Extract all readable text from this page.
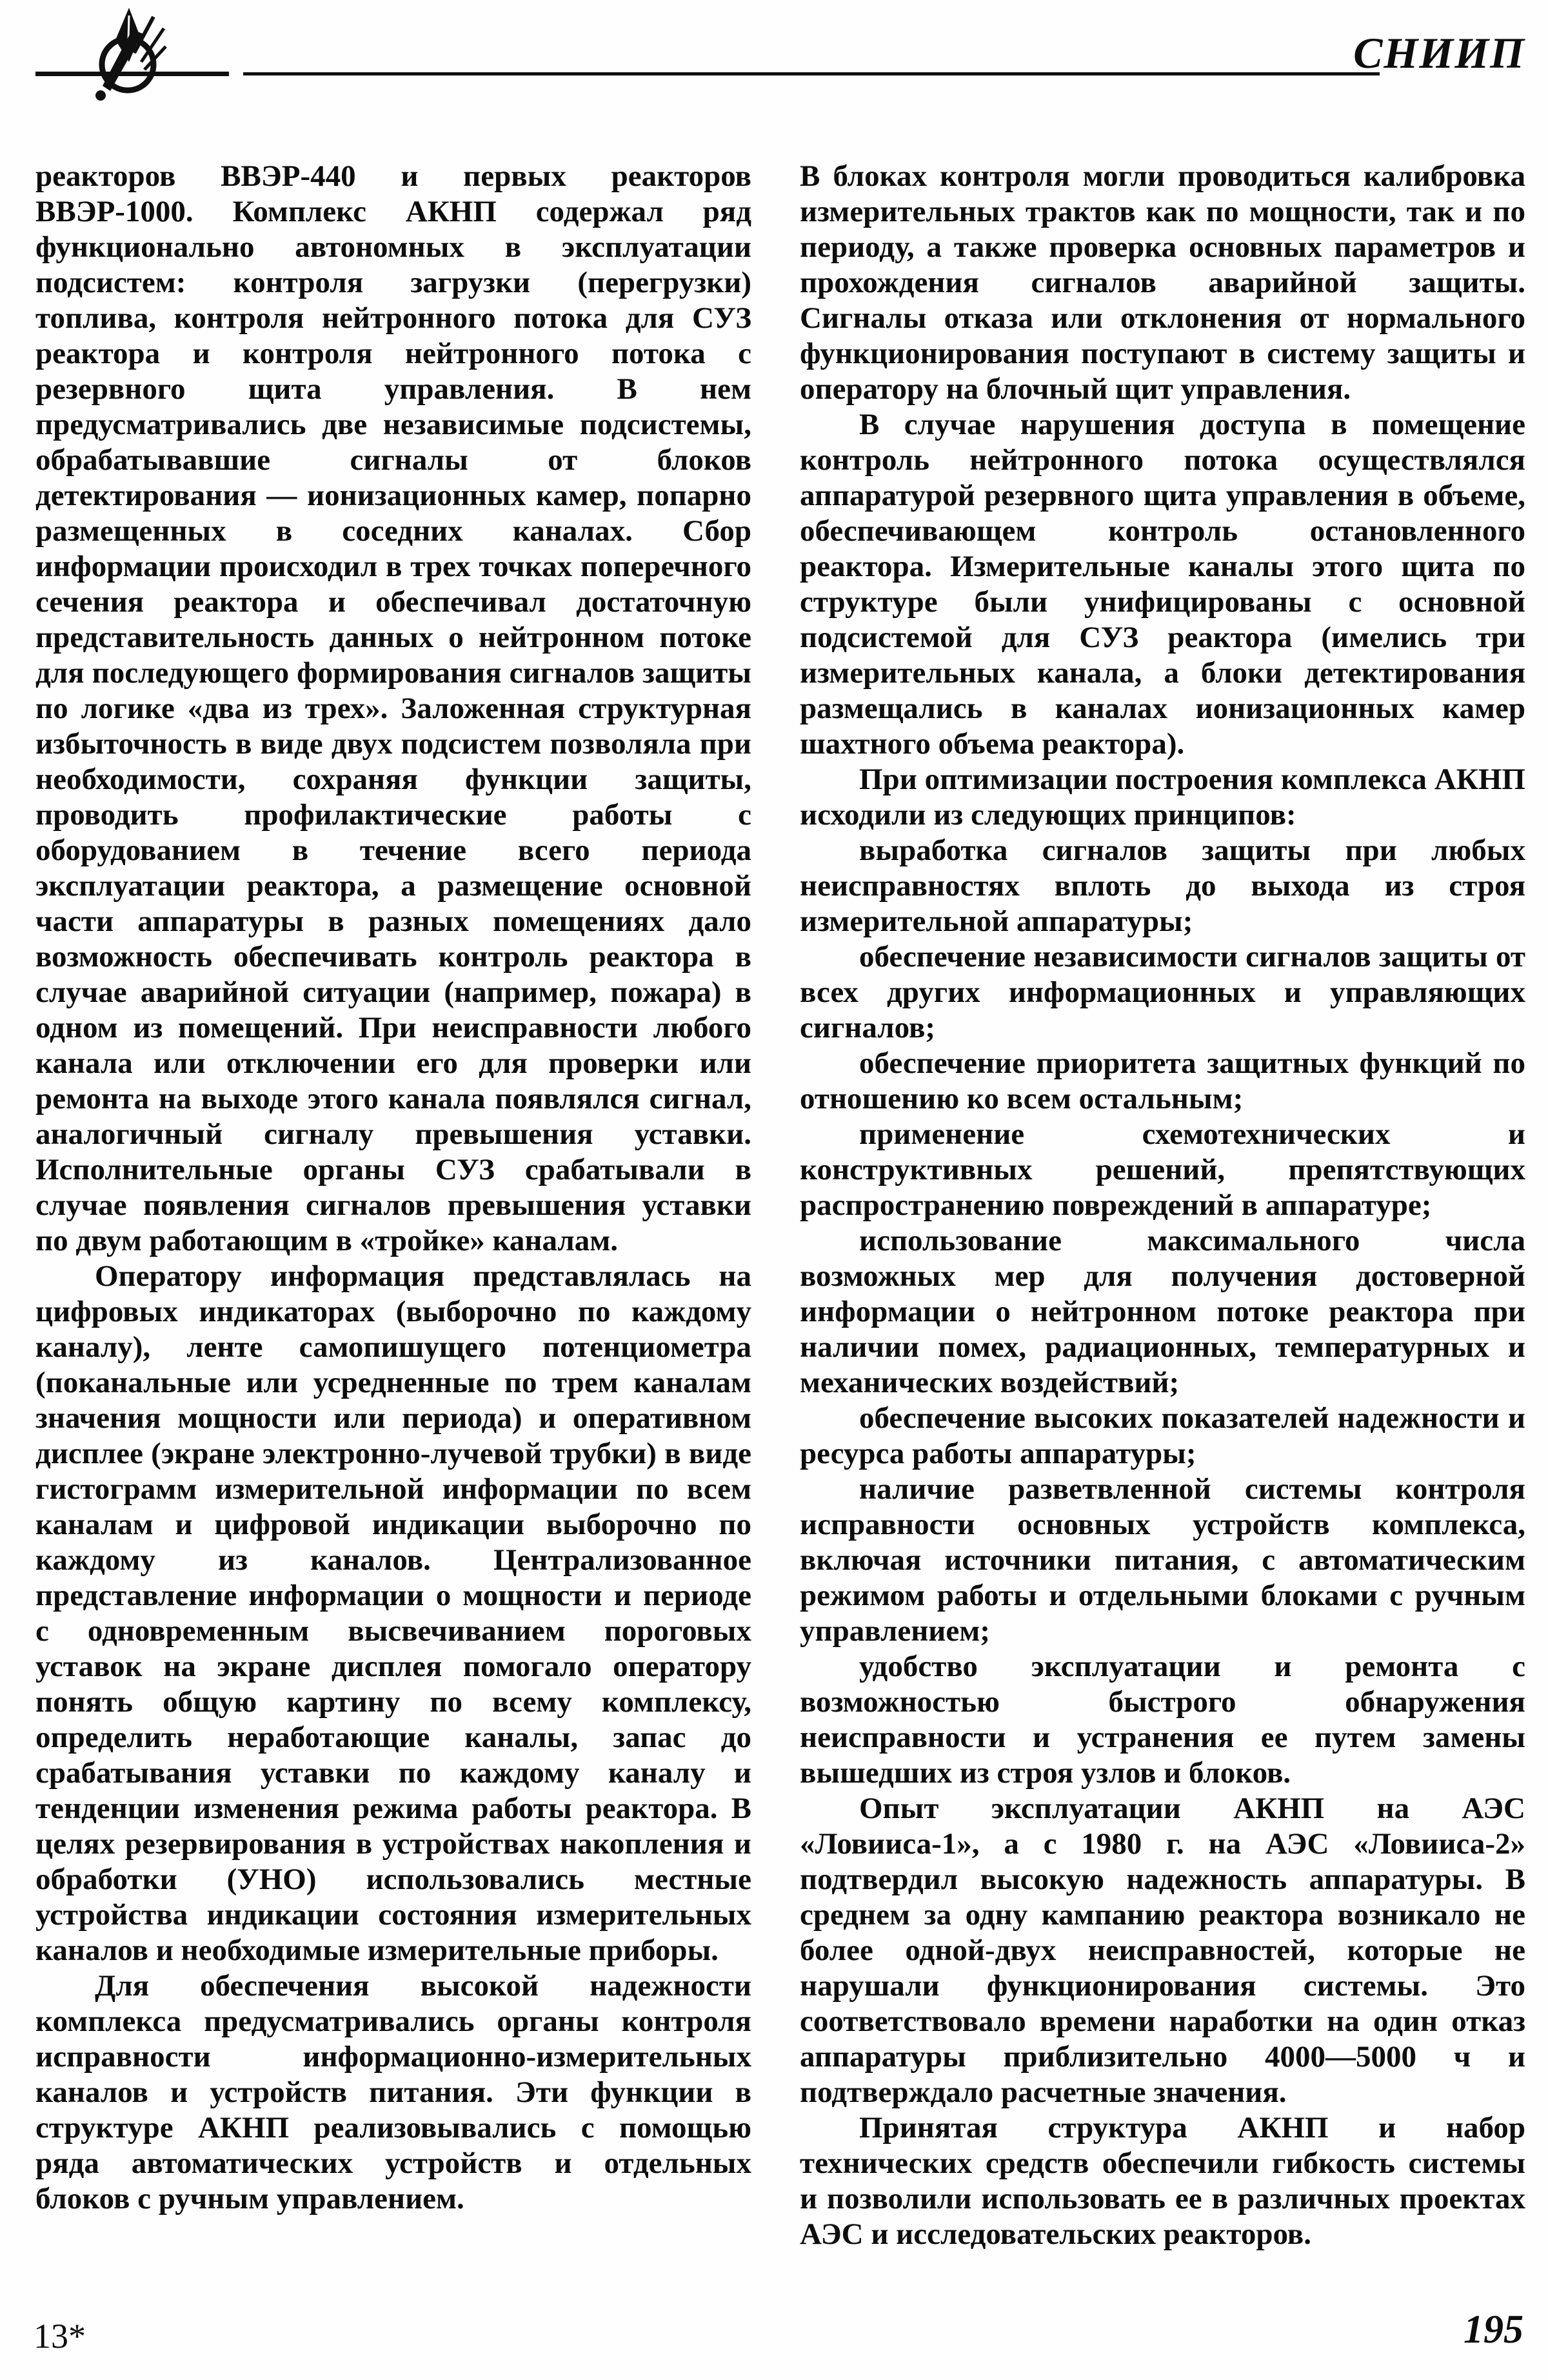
СНИИП

реакторов ВВЭР-440 и первых реакторов ВВЭР-1000. Комплекс АКНП содержал ряд функционально автономных в эксплуатации подсистем: контроля загрузки (перегрузки) топлива, контроля нейтронного потока для СУЗ реактора и контроля нейтронного потока с резервного щита управления. В нем предусматривались две независимые подсистемы, обрабатывавшие сигналы от блоков детектирования — ионизационных камер, попарно размещенных в соседних каналах. Сбор информации происходил в трех точках поперечного сечения реактора и обеспечивал достаточную представительность данных о нейтронном потоке для последующего формирования сигналов защиты по логике «два из трех». Заложенная структурная избыточность в виде двух подсистем позволяла при необходимости, сохраняя функции защиты, проводить профилактические работы с оборудованием в течение всего периода эксплуатации реактора, а размещение основной части аппаратуры в разных помещениях дало возможность обеспечивать контроль реактора в случае аварийной ситуации (например, пожара) в одном из помещений. При неисправности любого канала или отключении его для проверки или ремонта на выходе этого канала появлялся сигнал, аналогичный сигналу превышения уставки. Исполнительные органы СУЗ срабатывали в случае появления сигналов превышения уставки по двум работающим в «тройке» каналам.

Оператору информация представлялась на цифровых индикаторах (выборочно по каждому каналу), ленте самопишущего потенциометра (поканальные или усредненные по трем каналам значения мощности или периода) и оперативном дисплее (экране электронно-лучевой трубки) в виде гистограмм измерительной информации по всем каналам и цифровой индикации выборочно по каждому из каналов. Централизованное представление информации о мощности и периоде с одновременным высвечиванием пороговых уставок на экране дисплея помогало оператору понять общую картину по всему комплексу, определить неработающие каналы, запас до срабатывания уставки по каждому каналу и тенденции изменения режима работы реактора. В целях резервирования в устройствах накопления и обработки (УНО) использовались местные устройства индикации состояния измерительных каналов и необходимые измерительные приборы.

Для обеспечения высокой надежности комплекса предусматривались органы контроля исправности информационно-измерительных каналов и устройств питания. Эти функции в структуре АКНП реализовывались с помощью ряда автоматических устройств и отдельных блоков с ручным управлением.

В блоках контроля могли проводиться калибровка измерительных трактов как по мощности, так и по периоду, а также проверка основных параметров и прохождения сигналов аварийной защиты. Сигналы отказа или отклонения от нормального функционирования поступают в систему защиты и оператору на блочный щит управления.

В случае нарушения доступа в помещение контроль нейтронного потока осуществлялся аппаратурой резервного щита управления в объеме, обеспечивающем контроль остановленного реактора. Измерительные каналы этого щита по структуре были унифицированы с основной подсистемой для СУЗ реактора (имелись три измерительных канала, а блоки детектирования размещались в каналах ионизационных камер шахтного объема реактора).

При оптимизации построения комплекса АКНП исходили из следующих принципов:

выработка сигналов защиты при любых неисправностях вплоть до выхода из строя измерительной аппаратуры;

обеспечение независимости сигналов защиты от всех других информационных и управляющих сигналов;

обеспечение приоритета защитных функций по отношению ко всем остальным;

применение схемотехнических и конструктивных решений, препятствующих распространению повреждений в аппаратуре;

использование максимального числа возможных мер для получения достоверной информации о нейтронном потоке реактора при наличии помех, радиационных, температурных и механических воздействий;

обеспечение высоких показателей надежности и ресурса работы аппаратуры;

наличие разветвленной системы контроля исправности основных устройств комплекса, включая источники питания, с автоматическим режимом работы и отдельными блоками с ручным управлением;

удобство эксплуатации и ремонта с возможностью быстрого обнаружения неисправности и устранения ее путем замены вышедших из строя узлов и блоков.

Опыт эксплуатации АКНП на АЭС «Ловииса-1», а с 1980 г. на АЭС «Ловииса-2» подтвердил высокую надежность аппаратуры. В среднем за одну кампанию реактора возникало не более одной-двух неисправностей, которые не нарушали функционирования системы. Это соответствовало времени наработки на один отказ аппаратуры приблизительно 4000—5000 ч и подтверждало расчетные значения.

Принятая структура АКНП и набор технических средств обеспечили гибкость системы и позволили использовать ее в различных проектах АЭС и исследовательских реакторов.

13*	195
